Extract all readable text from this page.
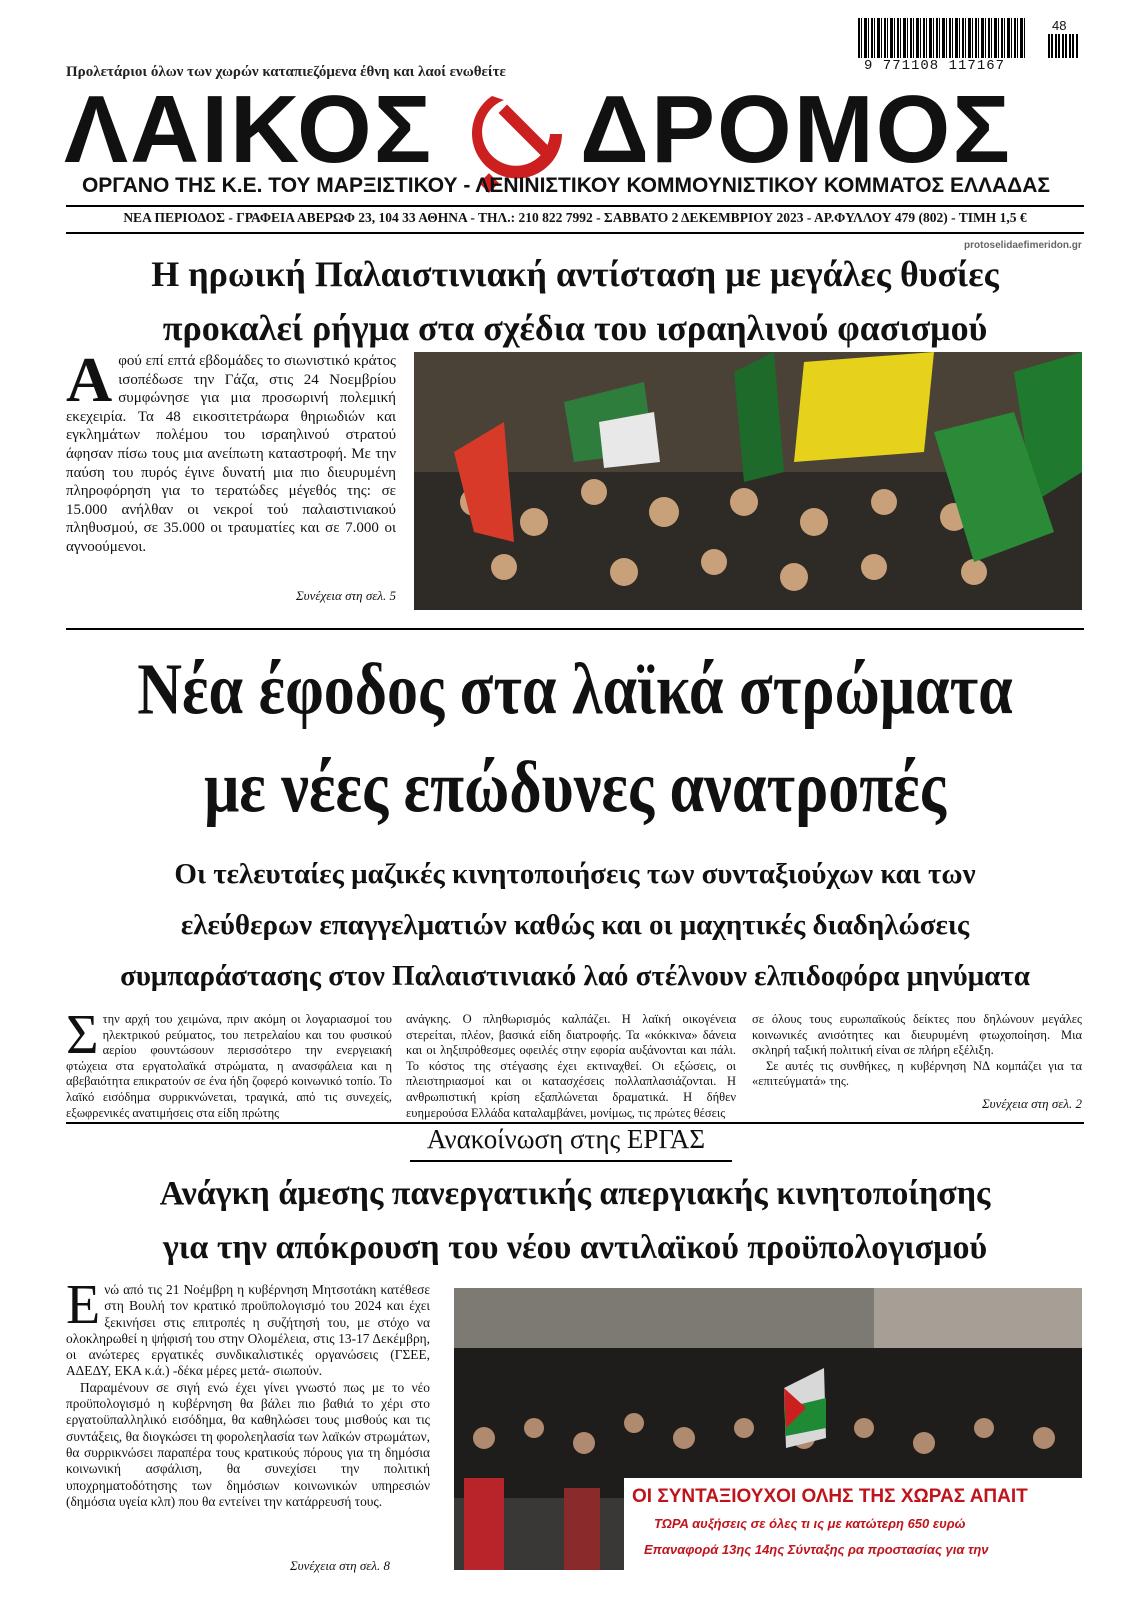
48
9 771108 117167
Προλετάριοι όλων των χωρών καταπιεζόμενα έθνη και λαοί ενωθείτε
ΛΑΙΚΟΣ	ΔΡΟΜΟΣ
ΟΡΓΑΝΟ ΤΗΣ Κ.Ε. ΤΟΥ ΜΑΡΞΙΣΤΙΚΟΥ - ΛΕΝΙΝΙΣΤΙΚΟΥ ΚΟΜΜΟΥΝΙΣΤΙΚΟΥ ΚΟΜΜΑΤΟΣ ΕΛΛΑΔΑΣ
ΝΕΑ ΠΕΡΙΟΔΟΣ - ΓΡΑΦΕΙΑ ΑΒΕΡΩΦ 23, 104 33 ΑΘΗΝΑ - ΤΗΛ.: 210 822 7992 - ΣΑΒΒΑΤΟ 2 ΔΕΚΕΜΒΡΙΟΥ 2023 - ΑΡ.ΦΥΛΛΟΥ 479 (802) - ΤΙΜΗ 1,5 €
protoselidaefimeridon.gr
Η ηρωική Παλαιστινιακή αντίσταση με μεγάλες θυσίες
προκαλεί ρήγμα στα σχέδια του ισραηλινού φασισμού
Αφού επί επτά εβδομάδες το σιωνιστικό κράτος ισοπέδωσε την Γάζα, στις 24 Νοεμβρίου συμφώνησε για μια προσωρινή πολεμική εκεχειρία. Τα 48 εικοσιτετράωρα θηριωδιών και εγκλημάτων πολέμου του ισραηλινού στρατού άφησαν πίσω τους μια ανείπωτη καταστροφή. Με την παύση του πυρός έγινε δυνατή μια πιο διευρυμένη πληροφόρηση για το τερατώδες μέγεθός της: σε 15.000 ανήλθαν οι νεκροί τού παλαιστινιακού πληθυσμού, σε 35.000 οι τραυματίες και σε 7.000 οι αγνοούμενοι.
Συνέχεια στη σελ. 5
Νέα έφοδος στα λαϊκά στρώματα
με νέες επώδυνες ανατροπές
Οι τελευταίες μαζικές κινητοποιήσεις των συνταξιούχων και των
ελεύθερων επαγγελματιών καθώς και οι μαχητικές διαδηλώσεις
συμπαράστασης στον Παλαιστινιακό λαό στέλνουν ελπιδοφόρα μηνύματα
Στην αρχή του χειμώνα, πριν ακόμη οι λογαριασμοί του ηλεκτρικού ρεύματος, του πετρελαίου και του φυσικού αερίου φουντώσουν περισσότερο την ενεργειακή φτώχεια στα εργατολαϊκά στρώματα, η ανασφάλεια και η αβεβαιότητα επικρατούν σε ένα ήδη ζοφερό κοινωνικό τοπίο. Το λαϊκό εισόδημα συρρικνώνεται, τραγικά, από τις συνεχείς, εξωφρενικές ανατιμήσεις στα είδη πρώτης
ανάγκης. Ο πληθωρισμός καλπάζει. Η λαϊκή οικογένεια στερείται, πλέον, βασικά είδη διατροφής. Τα «κόκκινα» δάνεια και οι ληξιπρόθεσμες οφειλές στην εφορία αυξάνονται και πάλι. Το κόστος της στέγασης έχει εκτιναχθεί. Οι εξώσεις, οι πλειστηριασμοί και οι κατασχέσεις πολλαπλασιάζονται. Η ανθρωπιστική κρίση εξαπλώνεται δραματικά. Η δήθεν ευημερούσα Ελλάδα καταλαμβάνει, μονίμως, τις πρώτες θέσεις
σε όλους τους ευρωπαϊκούς δείκτες που δηλώνουν μεγάλες κοινωνικές ανισότητες και διευρυμένη φτωχοποίηση. Μια σκληρή ταξική πολιτική είναι σε πλήρη εξέλιξη.
Σε αυτές τις συνθήκες, η κυβέρνηση ΝΔ κομπάζει για τα «επιτεύγματά» της.
Συνέχεια στη σελ. 2
Ανακοίνωση στης ΕΡΓΑΣ
Ανάγκη άμεσης πανεργατικής απεργιακής κινητοποίησης
για την απόκρουση του νέου αντιλαϊκού προϋπολογισμού
Ενώ από τις 21 Νοέμβρη η κυβέρνηση Μητσοτάκη κατέθεσε στη Βουλή τον κρατικό προϋπολογισμό του 2024 και έχει ξεκινήσει στις επιτροπές η συζήτησή του, με στόχο να ολοκληρωθεί η ψήφισή του στην Ολομέλεια, στις 13-17 Δεκέμβρη, οι ανώτερες εργατικές συνδικαλιστικές οργανώσεις (ΓΣΕΕ, ΑΔΕΔΥ, ΕΚΑ κ.ά.) -δέκα μέρες μετά- σιωπούν.
Παραμένουν σε σιγή ενώ έχει γίνει γνωστό πως με το νέο προϋπολογισμό η κυβέρνηση θα βάλει πιο βαθιά το χέρι στο εργατοϋπαλληλικό εισόδημα, θα καθηλώσει τους μισθούς και τις συντάξεις, θα διογκώσει τη φορολεηλασία των λαϊκών στρωμάτων, θα συρρικνώσει παραπέρα τους κρατικούς πόρους για τη δημόσια κοινωνική ασφάλιση, θα συνεχίσει την πολιτική υποχρηματοδότησης των δημόσιων κοινωνικών υπηρεσιών (δημόσια υγεία κλπ) που θα εντείνει την κατάρρευσή τους.
Συνέχεια στη σελ. 8
ΟΙ ΣΥΝΤΑΞΙΟΥΧΟΙ ΟΛΗΣ ΤΗΣ ΧΩΡΑΣ ΑΠΑΙΤ
ΤΩΡΑ αυξήσεις σε όλες τι ις με κατώτερη 650 ευρώ
Επαναφορά 13ης 14ης Σύνταξης ρα προστασίας για την
